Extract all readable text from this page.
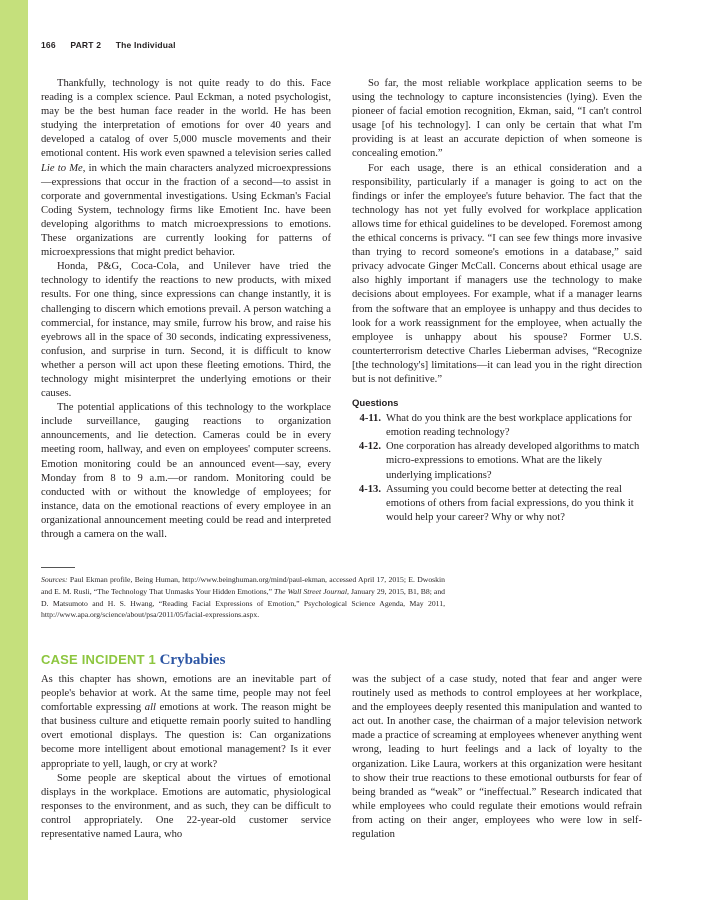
166 PART 2 The Individual

Thankfully, technology is not quite ready to do this. Face reading is a complex science. Paul Eckman, a noted psychologist, may be the best human face reader in the world. He has been studying the interpretation of emotions for over 40 years and developed a catalog of over 5,000 muscle movements and their emotional content. His work even spawned a television series called Lie to Me, in which the main characters analyzed microexpressions—expressions that occur in the fraction of a second—to assist in corporate and governmental investigations. Using Eckman's Facial Coding System, technology firms like Emotient Inc. have been developing algorithms to match microexpressions to emotions. These organizations are currently looking for patterns of microexpressions that might predict behavior.

Honda, P&G, Coca-Cola, and Unilever have tried the technology to identify the reactions to new products, with mixed results. For one thing, since expressions can change instantly, it is challenging to discern which emotions prevail. A person watching a commercial, for instance, may smile, furrow his brow, and raise his eyebrows all in the space of 30 seconds, indicating expressiveness, confusion, and surprise in turn. Second, it is difficult to know whether a person will act upon these fleeting emotions. Third, the technology might misinterpret the underlying emotions or their causes.

The potential applications of this technology to the workplace include surveillance, gauging reactions to organization announcements, and lie detection. Cameras could be in every meeting room, hallway, and even on employees' computer screens. Emotion monitoring could be an announced event—say, every Monday from 8 to 9 a.m.—or random. Monitoring could be conducted with or without the knowledge of employees; for instance, data on the emotional reactions of every employee in an organizational announcement meeting could be read and interpreted through a camera on the wall.

So far, the most reliable workplace application seems to be using the technology to capture inconsistencies (lying). Even the pioneer of facial emotion recognition, Ekman, said, “I can't control usage [of his technology]. I can only be certain that what I'm providing is at least an accurate depiction of when someone is concealing emotion.”

For each usage, there is an ethical consideration and a responsibility, particularly if a manager is going to act on the findings or infer the employee's future behavior. The fact that the technology has not yet fully evolved for workplace application allows time for ethical guidelines to be developed. Foremost among the ethical concerns is privacy. “I can see few things more invasive than trying to record someone's emotions in a database,” said privacy advocate Ginger McCall. Concerns about ethical usage are also highly important if managers use the technology to make decisions about employees. For example, what if a manager learns from the software that an employee is unhappy and thus decides to look for a work reassignment for the employee, when actually the employee is unhappy about his spouse? Former U.S. counterterrorism detective Charles Lieberman advises, “Recognize [the technology's] limitations—it can lead you in the right direction but is not definitive.”

Questions
4-11. What do you think are the best workplace applications for emotion reading technology?
4-12. One corporation has already developed algorithms to match micro-expressions to emotions. What are the likely underlying implications?
4-13. Assuming you could become better at detecting the real emotions of others from facial expressions, do you think it would help your career? Why or why not?
Sources: Paul Ekman profile, Being Human, http://www.beinghuman.org/mind/paul-ekman, accessed April 17, 2015; E. Dwoskin and E. M. Rusli, “The Technology That Unmasks Your Hidden Emotions,” The Wall Street Journal, January 29, 2015, B1, B8; and D. Matsumoto and H. S. Hwang, “Reading Facial Expressions of Emotion,” Psychological Science Agenda, May 2011, http://www.apa.org/science/about/psa/2011/05/facial-expressions.aspx.
CASE INCIDENT 1 Crybabies

As this chapter has shown, emotions are an inevitable part of people's behavior at work. At the same time, people may not feel comfortable expressing all emotions at work. The reason might be that business culture and etiquette remain poorly suited to handling overt emotional displays. The question is: Can organizations become more intelligent about emotional management? Is it ever appropriate to yell, laugh, or cry at work?

Some people are skeptical about the virtues of emotional displays in the workplace. Emotions are automatic, physiological responses to the environment, and as such, they can be difficult to control appropriately. One 22-year-old customer service representative named Laura, who

was the subject of a case study, noted that fear and anger were routinely used as methods to control employees at her workplace, and the employees deeply resented this manipulation and wanted to act out. In another case, the chairman of a major television network made a practice of screaming at employees whenever anything went wrong, leading to hurt feelings and a lack of loyalty to the organization. Like Laura, workers at this organization were hesitant to show their true reactions to these emotional outbursts for fear of being branded as “weak” or “ineffectual.” Research indicated that while employees who could regulate their emotions would refrain from acting on their anger, employees who were low in self-regulation
